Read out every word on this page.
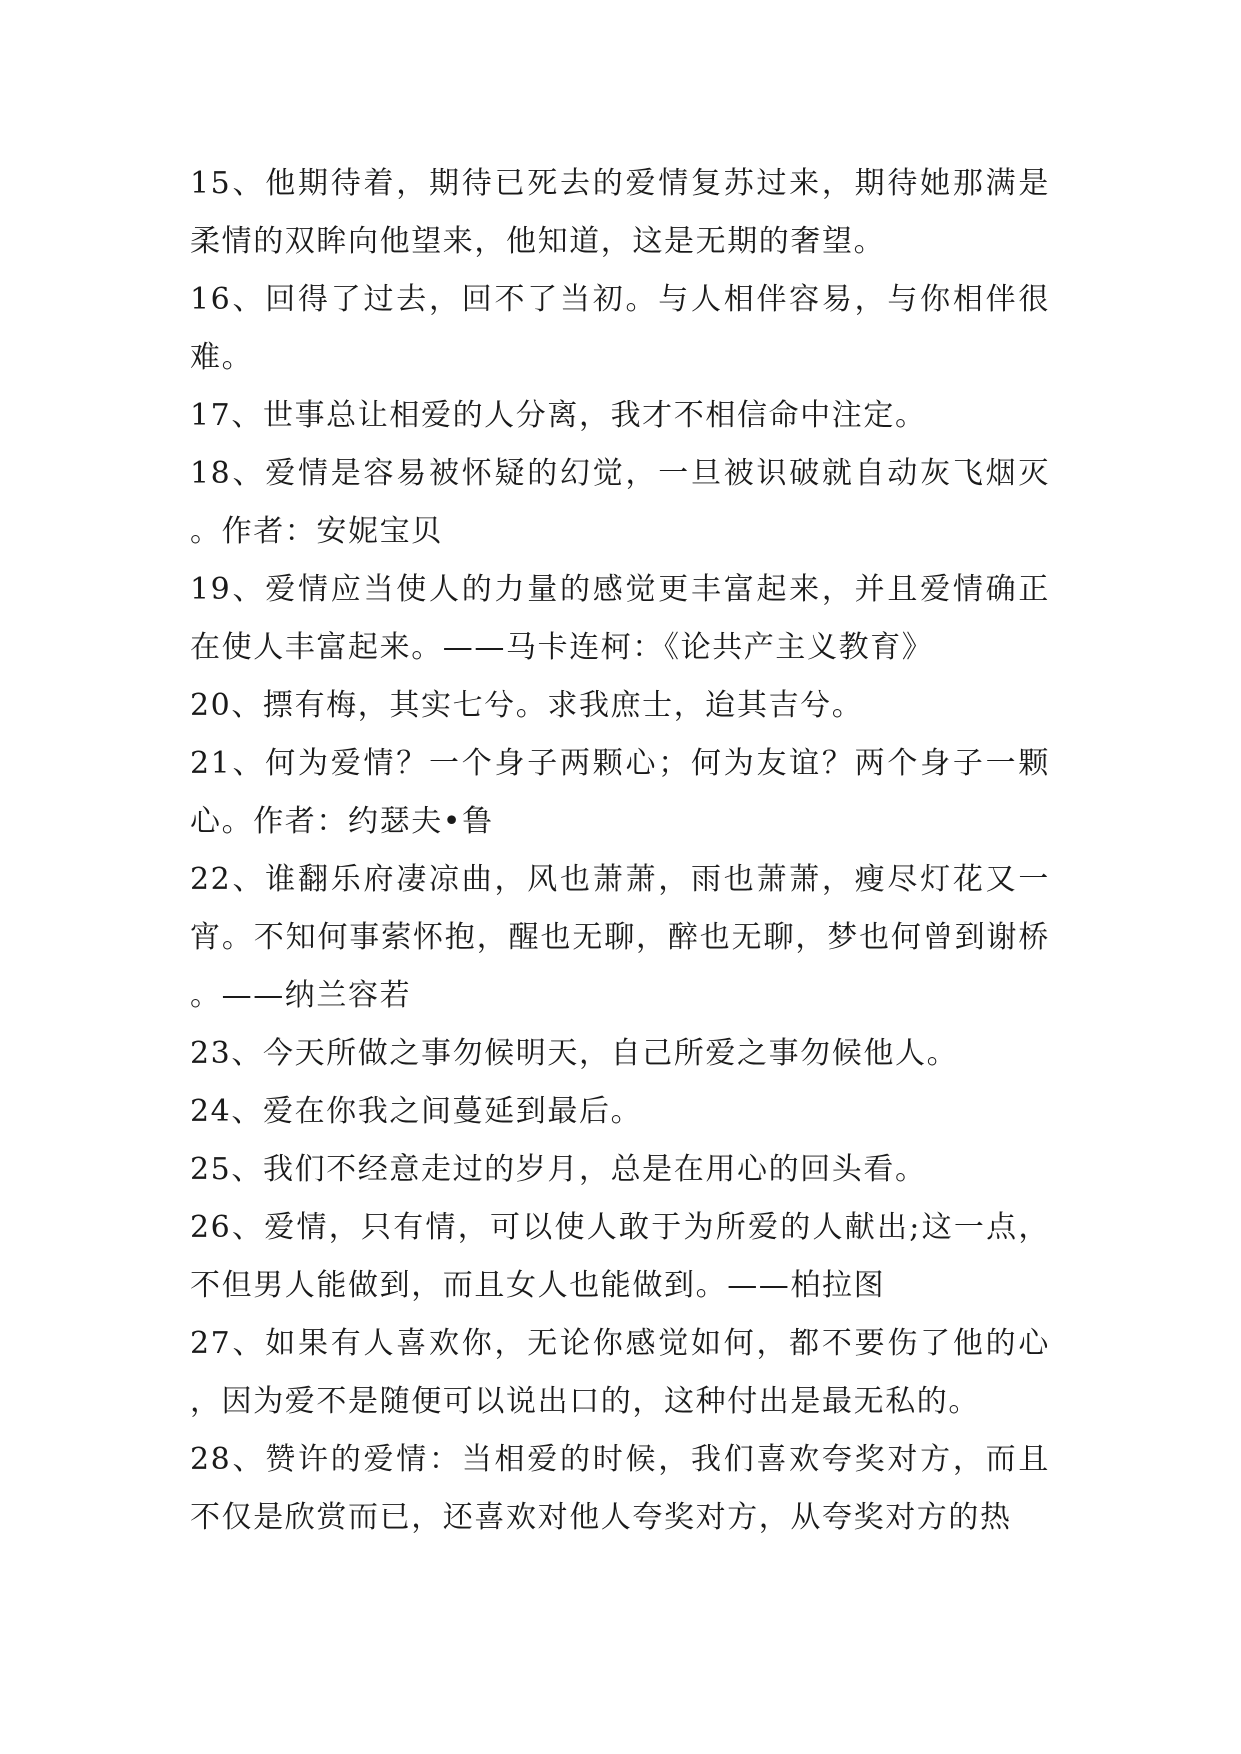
15、他期待着，期待已死去的爱情复苏过来，期待她那满是柔情的双眸向他望来，他知道，这是无期的奢望。

16、回得了过去，回不了当初。与人相伴容易，与你相伴很难。

17、世事总让相爱的人分离，我才不相信命中注定。

18、爱情是容易被怀疑的幻觉，一旦被识破就自动灰飞烟灭。作者：安妮宝贝

19、爱情应当使人的力量的感觉更丰富起来，并且爱情确正在使人丰富起来。——马卡连柯：《论共产主义教育》

20、摽有梅，其实七兮。求我庶士，迨其吉兮。

21、何为爱情？一个身子两颗心；何为友谊？两个身子一颗心。作者：约瑟夫•鲁

22、谁翻乐府凄凉曲，风也萧萧，雨也萧萧，瘦尽灯花又一宵。不知何事萦怀抱，醒也无聊，醉也无聊，梦也何曾到谢桥。——纳兰容若

23、今天所做之事勿候明天，自己所爱之事勿候他人。

24、爱在你我之间蔓延到最后。

25、我们不经意走过的岁月，总是在用心的回头看。

26、爱情，只有情，可以使人敢于为所爱的人献出;这一点，不但男人能做到，而且女人也能做到。——柏拉图

27、如果有人喜欢你，无论你感觉如何，都不要伤了他的心，因为爱不是随便可以说出口的，这种付出是最无私的。

28、赞许的爱情：当相爱的时候，我们喜欢夸奖对方，而且不仅是欣赏而已，还喜欢对他人夸奖对方，从夸奖对方的热
